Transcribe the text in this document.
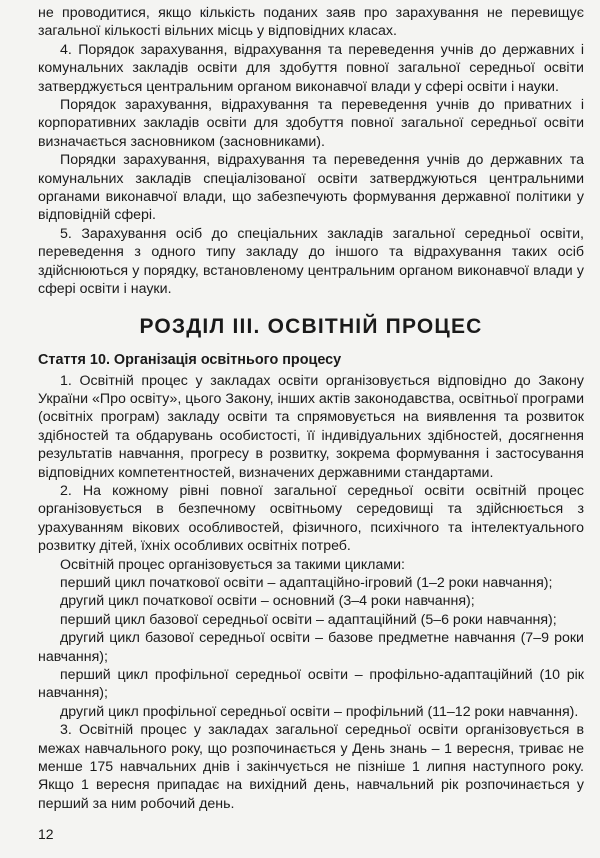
не проводитися, якщо кількість поданих заяв про зарахування не перевищує загальної кількості вільних місць у відповідних класах.

4. Порядок зарахування, відрахування та переведення учнів до державних і комунальних закладів освіти для здобуття повної загальної середньої освіти затверджується центральним органом виконавчої влади у сфері освіти і науки.

Порядок зарахування, відрахування та переведення учнів до приватних і корпоративних закладів освіти для здобуття повної загальної середньої освіти визначається засновником (засновниками).

Порядки зарахування, відрахування та переведення учнів до державних та комунальних закладів спеціалізованої освіти затверджуються центральними органами виконавчої влади, що забезпечують формування державної політики у відповідній сфері.

5. Зарахування осіб до спеціальних закладів загальної середньої освіти, переведення з одного типу закладу до іншого та відрахування таких осіб здійснюються у порядку, встановленому центральним органом виконавчої влади у сфері освіти і науки.

РОЗДІЛ ІІІ. ОСВІТНІЙ ПРОЦЕС
Стаття 10. Організація освітнього процесу

1. Освітній процес у закладах освіти організовується відповідно до Закону України «Про освіту», цього Закону, інших актів законодавства, освітньої програми (освітніх програм) закладу освіти та спрямовується на виявлення та розвиток здібностей та обдарувань особистості, її індивідуальних здібностей, досягнення результатів навчання, прогресу в розвитку, зокрема формування і застосування відповідних компетентностей, визначених державними стандартами.

2. На кожному рівні повної загальної середньої освіти освітній процес організовується в безпечному освітньому середовищі та здійснюється з урахуванням вікових особливостей, фізичного, психічного та інтелектуального розвитку дітей, їхніх особливих освітніх потреб.

Освітній процес організовується за такими циклами:

перший цикл початкової освіти – адаптаційно-ігровий (1–2 роки навчання);

другий цикл початкової освіти – основний (3–4 роки навчання);

перший цикл базової середньої освіти – адаптаційний (5–6 роки навчання);

другий цикл базової середньої освіти – базове предметне навчання (7–9 роки навчання);

перший цикл профільної середньої освіти – профільно-адаптаційний (10 рік навчання);

другий цикл профільної середньої освіти – профільний (11–12 роки навчання).

3. Освітній процес у закладах загальної середньої освіти організовується в межах навчального року, що розпочинається у День знань – 1 вересня, триває не менше 175 навчальних днів і закінчується не пізніше 1 липня наступного року. Якщо 1 вересня припадає на вихідний день, навчальний рік розпочинається у перший за ним робочий день.

12
